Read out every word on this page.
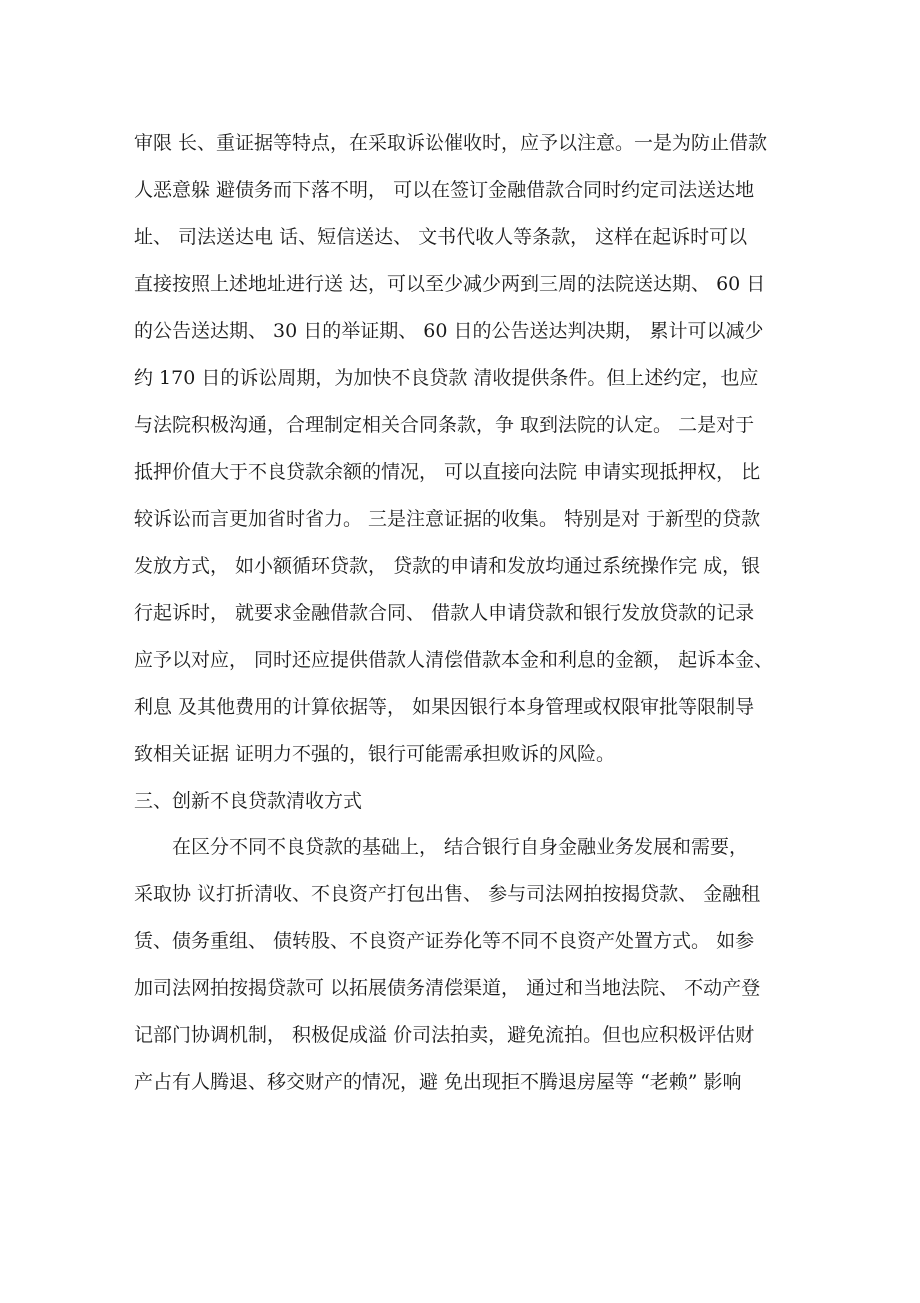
审限 长、重证据等特点，在采取诉讼催收时，应予以注意。一是为防止借款
人恶意躲 避债务而下落不明， 可以在签订金融借款合同时约定司法送达地
址、 司法送达电 话、短信送达、 文书代收人等条款， 这样在起诉时可以
直接按照上述地址进行送 达，可以至少减少两到三周的法院送达期、 60 日
的公告送达期、 30 日的举证期、 60 日的公告送达判决期， 累计可以减少
约 170 日的诉讼周期，为加快不良贷款 清收提供条件。但上述约定，也应
与法院积极沟通，合理制定相关合同条款，争 取到法院的认定。 二是对于
抵押价值大于不良贷款余额的情况， 可以直接向法院 申请实现抵押权， 比
较诉讼而言更加省时省力。 三是注意证据的收集。 特别是对 于新型的贷款
发放方式， 如小额循环贷款， 贷款的申请和发放均通过系统操作完 成，银
行起诉时， 就要求金融借款合同、 借款人申请贷款和银行发放贷款的记录
应予以对应， 同时还应提供借款人清偿借款本金和利息的金额， 起诉本金、
利息 及其他费用的计算依据等， 如果因银行本身管理或权限审批等限制导
致相关证据 证明力不强的，银行可能需承担败诉的风险。
三、创新不良贷款清收方式
在区分不同不良贷款的基础上， 结合银行自身金融业务发展和需要，
采取协 议打折清收、不良资产打包出售、 参与司法网拍按揭贷款、 金融租
赁、债务重组、 债转股、不良资产证券化等不同不良资产处置方式。 如参
加司法网拍按揭贷款可 以拓展债务清偿渠道， 通过和当地法院、 不动产登
记部门协调机制， 积极促成溢 价司法拍卖，避免流拍。但也应积极评估财
产占有人腾退、移交财产的情况，避 免出现拒不腾退房屋等 “老赖” 影响
